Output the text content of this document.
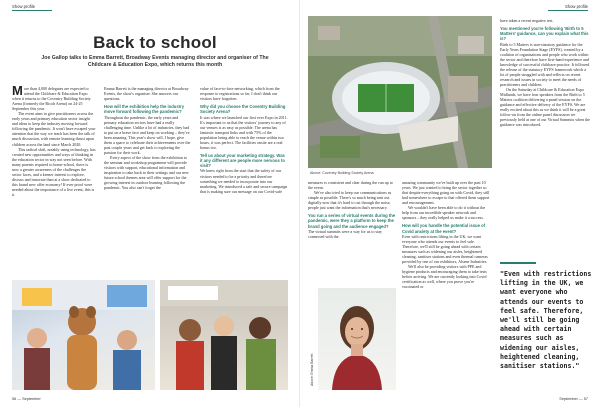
Show profile
Back to school
Joe Gallop talks to Emma Barrett, Broadway Events managing director and organiser of The Childcare & Education Expo, which returns this month

More than 4,000 delegates are expected to attend the Childcare & Education Expo when it returns to the Coventry Building Society Arena (formerly the Ricoh Arena) on 24-25 September this year.

The event aims to give practitioners across the early years and primary education sector insight and ideas to keep the industry moving forward following the pandemic. It won't have escaped your attention that the way we teach has been the talk of much discussion, with remote learning thrust upon children across the land since March 2020.

This radical shift, notably using technology, has created new opportunities and ways of thinking in the education sector in way not seen before. With many parents required to home-school, there is now a greater awareness of the challenges the sector faces, and a keener interest to explore, discuss and innovate than at a show dedicated to this brand new offer economy! If ever proof were needed about the importance of a live event, this is it.

Emma Barrett is the managing director at Broadway Events, the show's organiser. She answers our questions.

How will the exhibition help the industry move forward following the pandemic?

Throughout the pandemic, the early years and primary education sectors have had a really challenging time. Unlike a lot of industries, they had to put on a brave face and keep on working – they've been amazing. This year's show will, I hope, give them a space to celebrate their achievements over the past couple years and get back to exploring the passion for their work.

Every aspect of the show from the exhibition to the seminar and workshop programme will provide visitors with support, educational information and inspiration to take back to their settings and our new future school themes area will offer support for the growing interest in outdoor learning following the pandemic. You also can't forget the

value of face-to-face networking, which from the response to registrations so far, I don't think our visitors have forgotten.

Why did you choose the Coventry Building Society Arena?

It was where we launched our first ever Expo in 2011. It's important to us that the visitors' journey to any of our venues is as easy as possible. The arena has fantastic transport links and with 75% of the population being able to reach the venue within two hours, it was perfect. The facilities onsite are a real bonus too.

Tell us about your marketing strategy. Was it any different are people more nervous to visit?

We knew right from the start that the safety of our visitors needed to be a priority and therefore something we needed to incorporate into our marketing. We introduced a safe and secure campaign that is making sure our message on our Covid-safe

56 — September
Show profile
Above: Coventry Building Society Arena

measures is consistent and clear during the run up to the event.

We've also tried to keep our communications as simple as possible. There's so much being sent out digitally now that it's hard to cut through the noise, people just want the information that's necessary.

You run a series of virtual events during the pandemic, were they a platform to keep the brand going and the audience engaged?

The virtual summits were a way for us to stay connected with the

Above: Emma Barrett

amazing community we've built up over the past 10 years. We just wanted to bring the sector together so that despite everything going on with Covid, they still had somewhere to escape to that offered them support and encouragement.

We wouldn't have been able to do it without the help from our incredible speaker network and sponsors – they really helped us make it a success.

How will you handle the potential issue of Covid anxiety at the event?

Even with restrictions lifting in the UK, we want everyone who attends our events to feel safe. Therefore, we'll still be going ahead with certain measures such as widening our aisles, heightened cleaning, sanitiser stations and even thermal cameras provided by one of our exhibitors, Alsene Industries.

We'll also be providing visitors with PPE and hygiene products and encouraging them to take tests before arriving. We are currently looking into Covid certification as well, where you prove you're vaccinated or

have taken a recent negative test.

You mentioned you're following 'Birth to 5 Matters' guidance, can you explain what this is?

Birth to 5 Matters is non-statutory guidance for the Early Years Foundation Stage (EYFS), created by a coalition of organisations and people who work within the sector and therefore have first-hand experience and knowledge of successful childcare practice. It followed the release of the statutory EYFS framework which a lot of people struggled with and reflects on recent research and issues in society to meet the needs of practitioners and children.

On the Saturday at Childcare & Education Expo Midlands, we have four speakers from the Birth to 5 Matters coalition delivering a panel session on the guidance and effective delivery of the EYFS. We are really excited about this as we think it will be a great follow-on from the online panel discussion we previously held at one of our Virtual Summits when the guidance was introduced.

September — 57
"Even with restrictions lifting in the UK, we want everyone who attends our events to feel safe. Therefore, we'll still be going ahead with certain measures such as widening our aisles, heightened cleaning, sanitiser stations."
